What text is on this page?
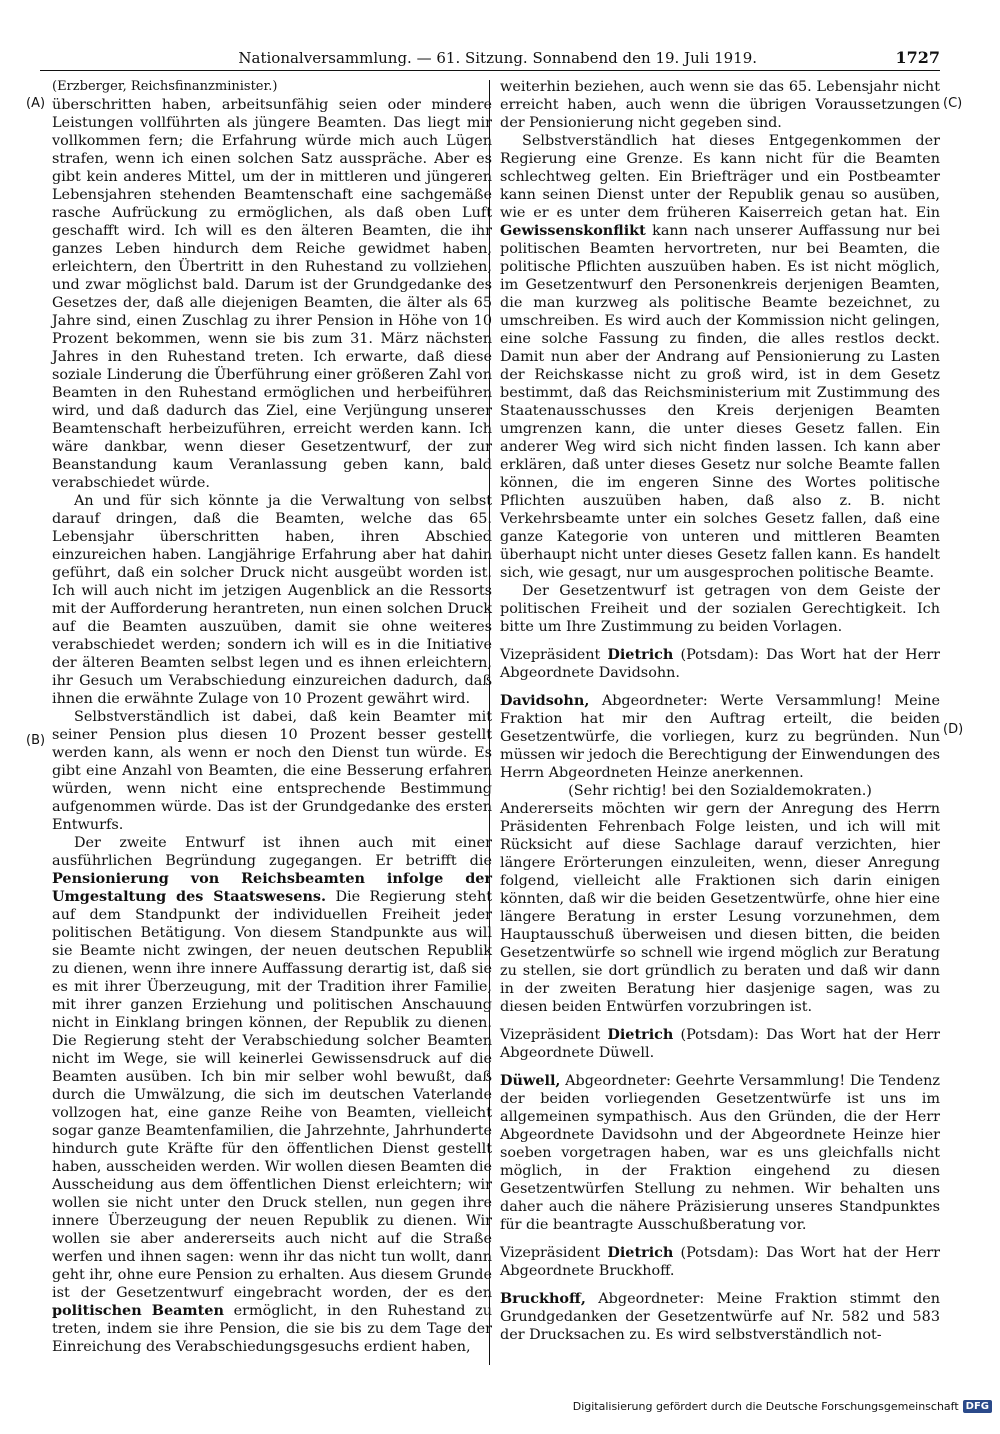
Nationalversammlung. — 61. Sitzung. Sonnabend den 19. Juli 1919.	1727
(A)
(B)
(C)
(D)

(Erzberger, Reichsfinanzminister.)

überschritten haben, arbeitsunfähig seien oder mindere Leistungen vollführten als jüngere Beamten. Das liegt mir vollkommen fern; die Erfahrung würde mich auch Lügen strafen, wenn ich einen solchen Satz ausspräche. Aber es gibt kein anderes Mittel, um der in mittleren und jüngeren Lebensjahren stehenden Beamtenschaft eine sachgemäße rasche Aufrückung zu ermöglichen, als daß oben Luft geschafft wird. Ich will es den älteren Beamten, die ihr ganzes Leben hindurch dem Reiche gewidmet haben, erleichtern, den Übertritt in den Ruhestand zu vollziehen, und zwar möglichst bald. Darum ist der Grundgedanke des Gesetzes der, daß alle diejenigen Beamten, die älter als 65 Jahre sind, einen Zuschlag zu ihrer Pension in Höhe von 10 Prozent bekommen, wenn sie bis zum 31. März nächsten Jahres in den Ruhestand treten. Ich erwarte, daß diese soziale Linderung die Überführung einer größeren Zahl von Beamten in den Ruhestand ermöglichen und herbeiführen wird, und daß dadurch das Ziel, eine Verjüngung unserer Beamtenschaft herbeizuführen, erreicht werden kann. Ich wäre dankbar, wenn dieser Gesetzentwurf, der zur Beanstandung kaum Veranlassung geben kann, bald verabschiedet würde.

An und für sich könnte ja die Verwaltung von selbst darauf dringen, daß die Beamten, welche das 65. Lebensjahr überschritten haben, ihren Abschied einzureichen haben. Langjährige Erfahrung aber hat dahin geführt, daß ein solcher Druck nicht ausgeübt worden ist. Ich will auch nicht im jetzigen Augenblick an die Ressorts mit der Aufforderung herantreten, nun einen solchen Druck auf die Beamten auszuüben, damit sie ohne weiteres verabschiedet werden; sondern ich will es in die Initiative der älteren Beamten selbst legen und es ihnen erleichtern, ihr Gesuch um Verabschiedung einzureichen dadurch, daß ihnen die erwähnte Zulage von 10 Prozent gewährt wird.

Selbstverständlich ist dabei, daß kein Beamter mit seiner Pension plus diesen 10 Prozent besser gestellt werden kann, als wenn er noch den Dienst tun würde. Es gibt eine Anzahl von Beamten, die eine Besserung erfahren würden, wenn nicht eine entsprechende Bestimmung aufgenommen würde. Das ist der Grundgedanke des ersten Entwurfs.

Der zweite Entwurf ist ihnen auch mit einer ausführlichen Begründung zugegangen. Er betrifft die Pensionierung von Reichsbeamten infolge der Umgestaltung des Staatswesens. Die Regierung steht auf dem Standpunkt der individuellen Freiheit jeder politischen Betätigung. Von diesem Standpunkte aus will sie Beamte nicht zwingen, der neuen deutschen Republik zu dienen, wenn ihre innere Auffassung derartig ist, daß sie es mit ihrer Überzeugung, mit der Tradition ihrer Familie, mit ihrer ganzen Erziehung und politischen Anschauung nicht in Einklang bringen können, der Republik zu dienen. Die Regierung steht der Verabschiedung solcher Beamten nicht im Wege, sie will keinerlei Gewissensdruck auf die Beamten ausüben. Ich bin mir selber wohl bewußt, daß durch die Umwälzung, die sich im deutschen Vaterlande vollzogen hat, eine ganze Reihe von Beamten, vielleicht sogar ganze Beamtenfamilien, die Jahrzehnte, Jahrhunderte hindurch gute Kräfte für den öffentlichen Dienst gestellt haben, ausscheiden werden. Wir wollen diesen Beamten die Ausscheidung aus dem öffentlichen Dienst erleichtern; wir wollen sie nicht unter den Druck stellen, nun gegen ihre innere Überzeugung der neuen Republik zu dienen. Wir wollen sie aber andererseits auch nicht auf die Straße werfen und ihnen sagen: wenn ihr das nicht tun wollt, dann geht ihr, ohne eure Pension zu erhalten. Aus diesem Grunde ist der Gesetzentwurf eingebracht worden, der es den politischen Beamten ermöglicht, in den Ruhestand zu treten, indem sie ihre Pension, die sie bis zu dem Tage der Einreichung des Verabschiedungsgesuchs erdient haben,

weiterhin beziehen, auch wenn sie das 65. Lebensjahr nicht erreicht haben, auch wenn die übrigen Voraussetzungen der Pensionierung nicht gegeben sind.

Selbstverständlich hat dieses Entgegenkommen der Regierung eine Grenze. Es kann nicht für die Beamten schlechtweg gelten. Ein Briefträger und ein Postbeamter kann seinen Dienst unter der Republik genau so ausüben, wie er es unter dem früheren Kaiserreich getan hat. Ein Gewissenskonflikt kann nach unserer Auffassung nur bei politischen Beamten hervortreten, nur bei Beamten, die politische Pflichten auszuüben haben. Es ist nicht möglich, im Gesetzentwurf den Personenkreis derjenigen Beamten, die man kurzweg als politische Beamte bezeichnet, zu umschreiben. Es wird auch der Kommission nicht gelingen, eine solche Fassung zu finden, die alles restlos deckt. Damit nun aber der Andrang auf Pensionierung zu Lasten der Reichskasse nicht zu groß wird, ist in dem Gesetz bestimmt, daß das Reichsministerium mit Zustimmung des Staatenausschusses den Kreis derjenigen Beamten umgrenzen kann, die unter dieses Gesetz fallen. Ein anderer Weg wird sich nicht finden lassen. Ich kann aber erklären, daß unter dieses Gesetz nur solche Beamte fallen können, die im engeren Sinne des Wortes politische Pflichten auszuüben haben, daß also z. B. nicht Verkehrsbeamte unter ein solches Gesetz fallen, daß eine ganze Kategorie von unteren und mittleren Beamten überhaupt nicht unter dieses Gesetz fallen kann. Es handelt sich, wie gesagt, nur um ausgesprochen politische Beamte.

Der Gesetzentwurf ist getragen von dem Geiste der politischen Freiheit und der sozialen Gerechtigkeit. Ich bitte um Ihre Zustimmung zu beiden Vorlagen.

Vizepräsident Dietrich (Potsdam): Das Wort hat der Herr Abgeordnete Davidsohn.

Davidsohn, Abgeordneter: Werte Versammlung! Meine Fraktion hat mir den Auftrag erteilt, die beiden Gesetzentwürfe, die vorliegen, kurz zu begründen. Nun müssen wir jedoch die Berechtigung der Einwendungen des Herrn Abgeordneten Heinze anerkennen.

(Sehr richtig! bei den Sozialdemokraten.)

Andererseits möchten wir gern der Anregung des Herrn Präsidenten Fehrenbach Folge leisten, und ich will mit Rücksicht auf diese Sachlage darauf verzichten, hier längere Erörterungen einzuleiten, wenn, dieser Anregung folgend, vielleicht alle Fraktionen sich darin einigen könnten, daß wir die beiden Gesetzentwürfe, ohne hier eine längere Beratung in erster Lesung vorzunehmen, dem Hauptausschuß überweisen und diesen bitten, die beiden Gesetzentwürfe so schnell wie irgend möglich zur Beratung zu stellen, sie dort gründlich zu beraten und daß wir dann in der zweiten Beratung hier dasjenige sagen, was zu diesen beiden Entwürfen vorzubringen ist.

Vizepräsident Dietrich (Potsdam): Das Wort hat der Herr Abgeordnete Düwell.

Düwell, Abgeordneter: Geehrte Versammlung! Die Tendenz der beiden vorliegenden Gesetzentwürfe ist uns im allgemeinen sympathisch. Aus den Gründen, die der Herr Abgeordnete Davidsohn und der Abgeordnete Heinze hier soeben vorgetragen haben, war es uns gleichfalls nicht möglich, in der Fraktion eingehend zu diesen Gesetzentwürfen Stellung zu nehmen. Wir behalten uns daher auch die nähere Präzisierung unseres Standpunktes für die beantragte Ausschußberatung vor.

Vizepräsident Dietrich (Potsdam): Das Wort hat der Herr Abgeordnete Bruckhoff.

Bruckhoff, Abgeordneter: Meine Fraktion stimmt den Grundgedanken der Gesetzentwürfe auf Nr. 582 und 583 der Drucksachen zu. Es wird selbstverständlich not-

Digitalisierung gefördert durch die Deutsche Forschungsgemeinschaft DFG
